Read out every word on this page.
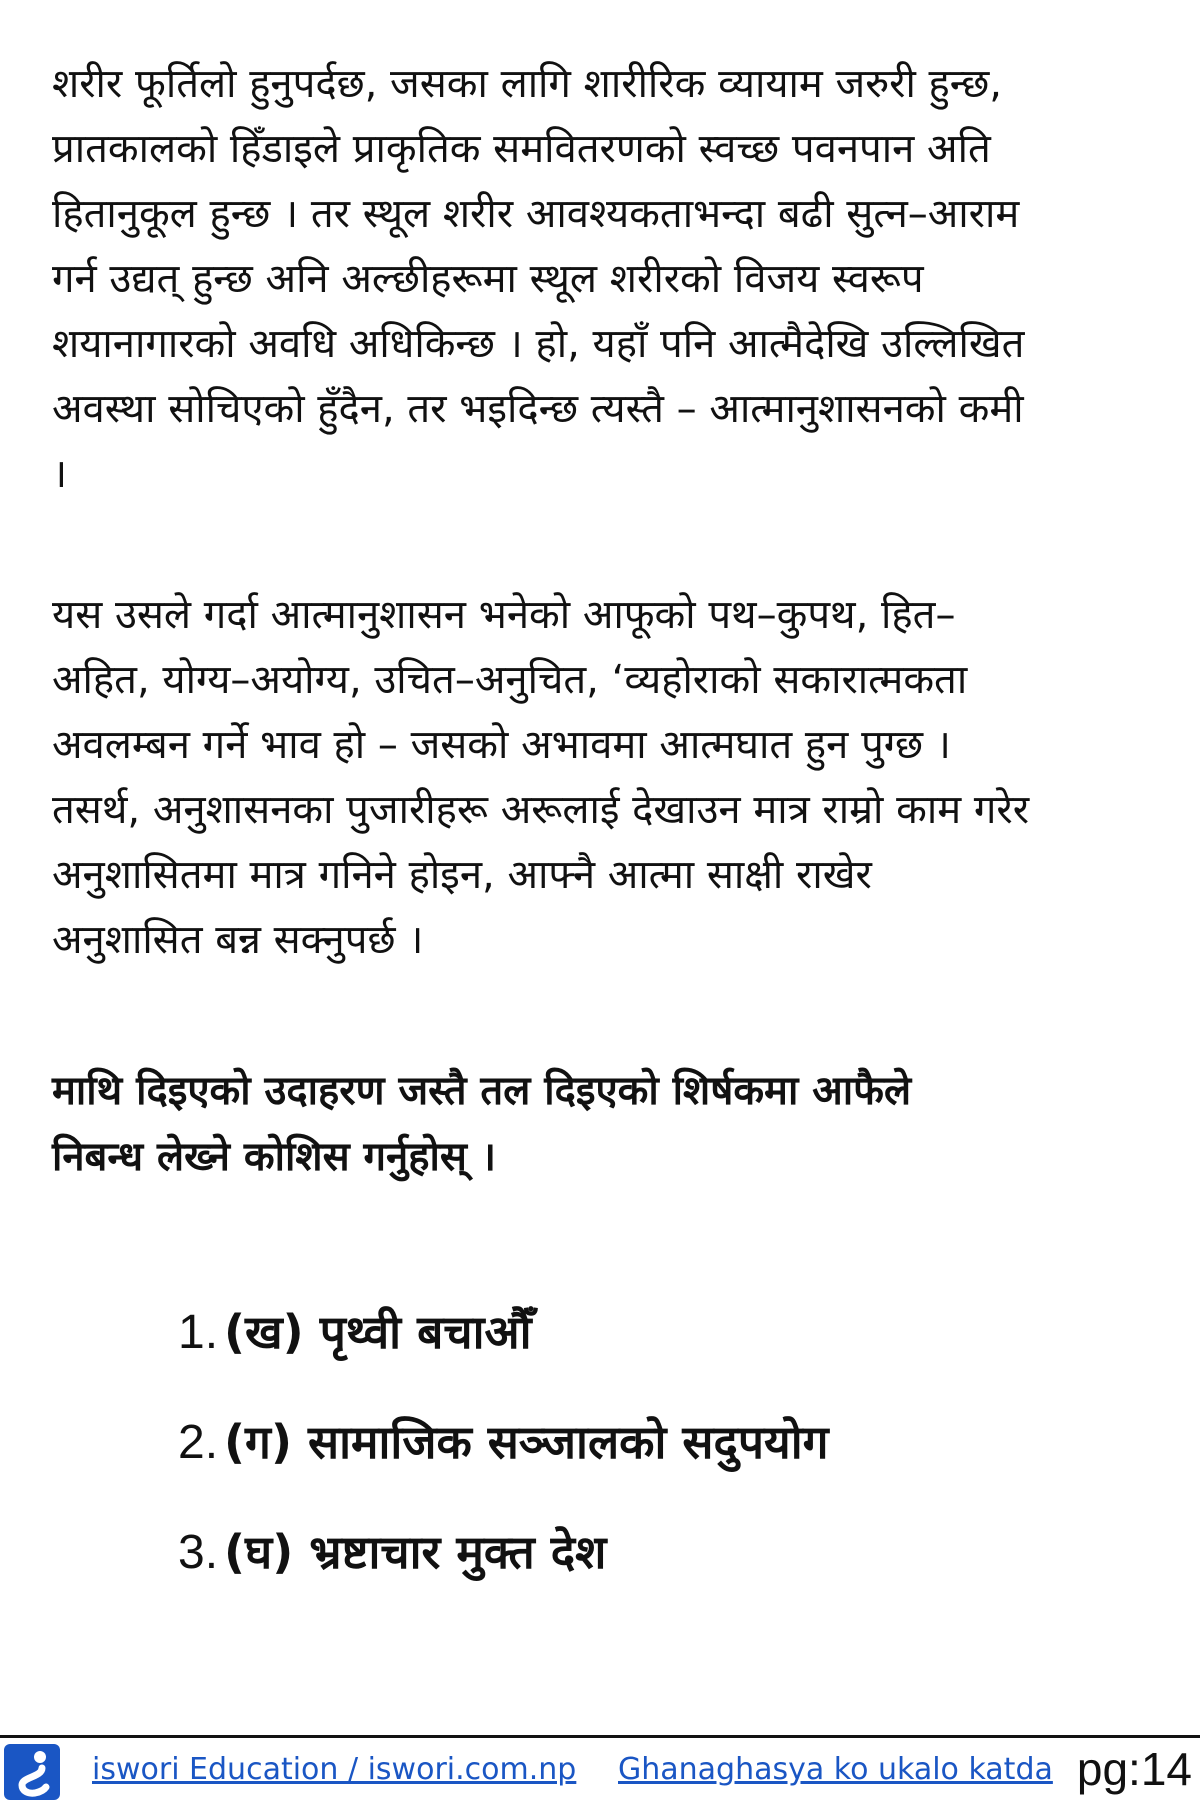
शरीर फूर्तिलो हुनुपर्दछ, जसका लागि शारीरिक व्यायाम जरुरी हुन्छ,
प्रातकालको हिँडाइले प्राकृतिक समवितरणको स्वच्छ पवनपान अति
हितानुकूल हुन्छ । तर स्थूल शरीर आवश्यकताभन्दा बढी सुत्न–आराम
गर्न उद्यत् हुन्छ अनि अल्छीहरूमा स्थूल शरीरको विजय स्वरूप
शयानागारको अवधि अधिकिन्छ । हो, यहाँ पनि आत्मैदेखि उल्लिखित
अवस्था सोचिएको हुँदैन, तर भइदिन्छ त्यस्तै – आत्मानुशासनको कमी
।

यस उसले गर्दा आत्मानुशासन भनेको आफूको पथ–कुपथ, हित–
अहित, योग्य–अयोग्य, उचित–अनुचित, ‘व्यहोराको सकारात्मकता
अवलम्बन गर्ने भाव हो – जसको अभावमा आत्मघात हुन पुग्छ ।
तसर्थ, अनुशासनका पुजारीहरू अरूलाई देखाउन मात्र राम्रो काम गरेर
अनुशासितमा मात्र गनिने होइन, आफ्नै आत्मा साक्षी राखेर
अनुशासित बन्न सक्नुपर्छ ।

माथि दिइएको उदाहरण जस्तै तल दिइएको शिर्षकमा आफैले
निबन्ध लेख्ने कोशिस गर्नुहोस् ।

1. (ख) पृथ्वी बचाऔँ
2. (ग) सामाजिक सञ्जालको सदुपयोग
3. (घ) भ्रष्टाचार मुक्त देश
iswori Education / iswori.com.np Ghanaghasya ko ukalo katda pg:14
